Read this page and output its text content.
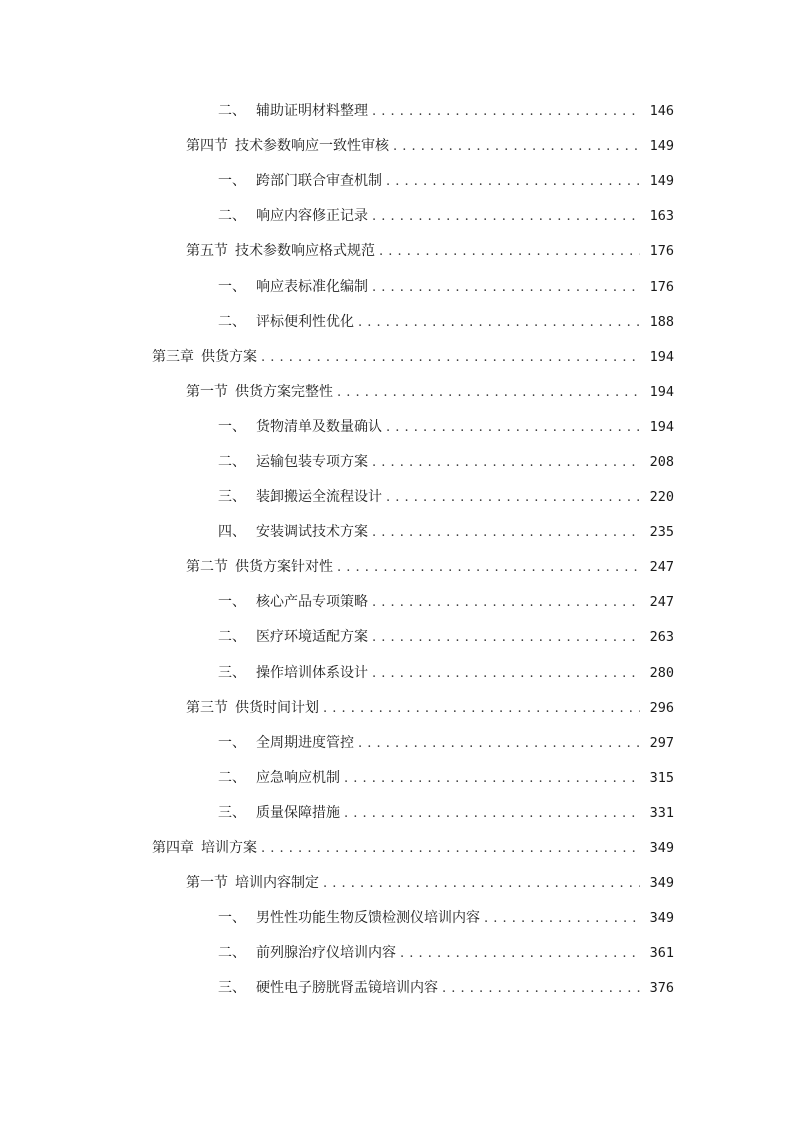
二、 辅助证明材料整理 . . .	146
第四节 技术参数响应一致性审核 . . .	149
一、 跨部门联合审查机制 . . .	149
二、 响应内容修正记录 . . .	163
第五节 技术参数响应格式规范 . . .	176
一、 响应表标准化编制 . . .	176
二、 评标便利性优化 . . .	188
第三章 供货方案 . . .	194
第一节 供货方案完整性 . . .	194
一、 货物清单及数量确认 . . .	194
二、 运输包装专项方案 . . .	208
三、 装卸搬运全流程设计 . . .	220
四、 安装调试技术方案 . . .	235
第二节 供货方案针对性 . . .	247
一、 核心产品专项策略 . . .	247
二、 医疗环境适配方案 . . .	263
三、 操作培训体系设计 . . .	280
第三节 供货时间计划 . . .	296
一、 全周期进度管控 . . .	297
二、 应急响应机制 . . .	315
三、 质量保障措施 . . .	331
第四章 培训方案 . . .	349
第一节 培训内容制定 . . .	349
一、 男性性功能生物反馈检测仪培训内容 . . .	349
二、 前列腺治疗仪培训内容 . . .	361
三、 硬性电子膀胱肾盂镜培训内容 . . .	376
